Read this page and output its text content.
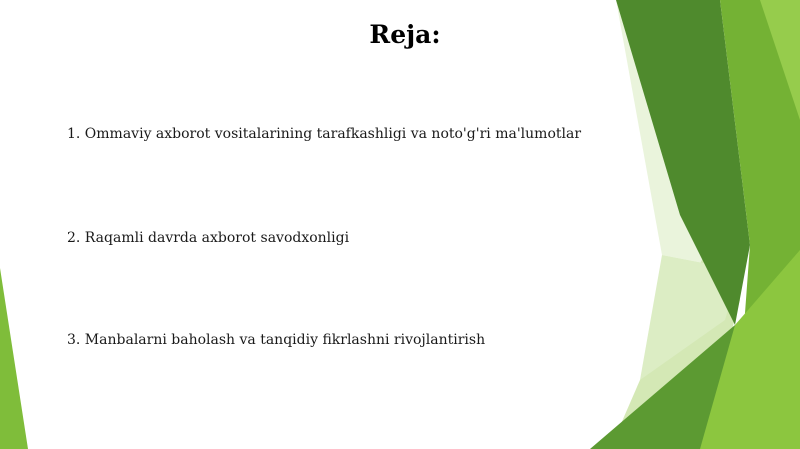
Reja:
1. Ommaviy axborot vositalarining tarafkashligi va noto'g'ri ma'lumotlar
2. Raqamli davrda axborot savodxonligi
3. Manbalarni baholash va tanqidiy fikrlashni rivojlantirish
